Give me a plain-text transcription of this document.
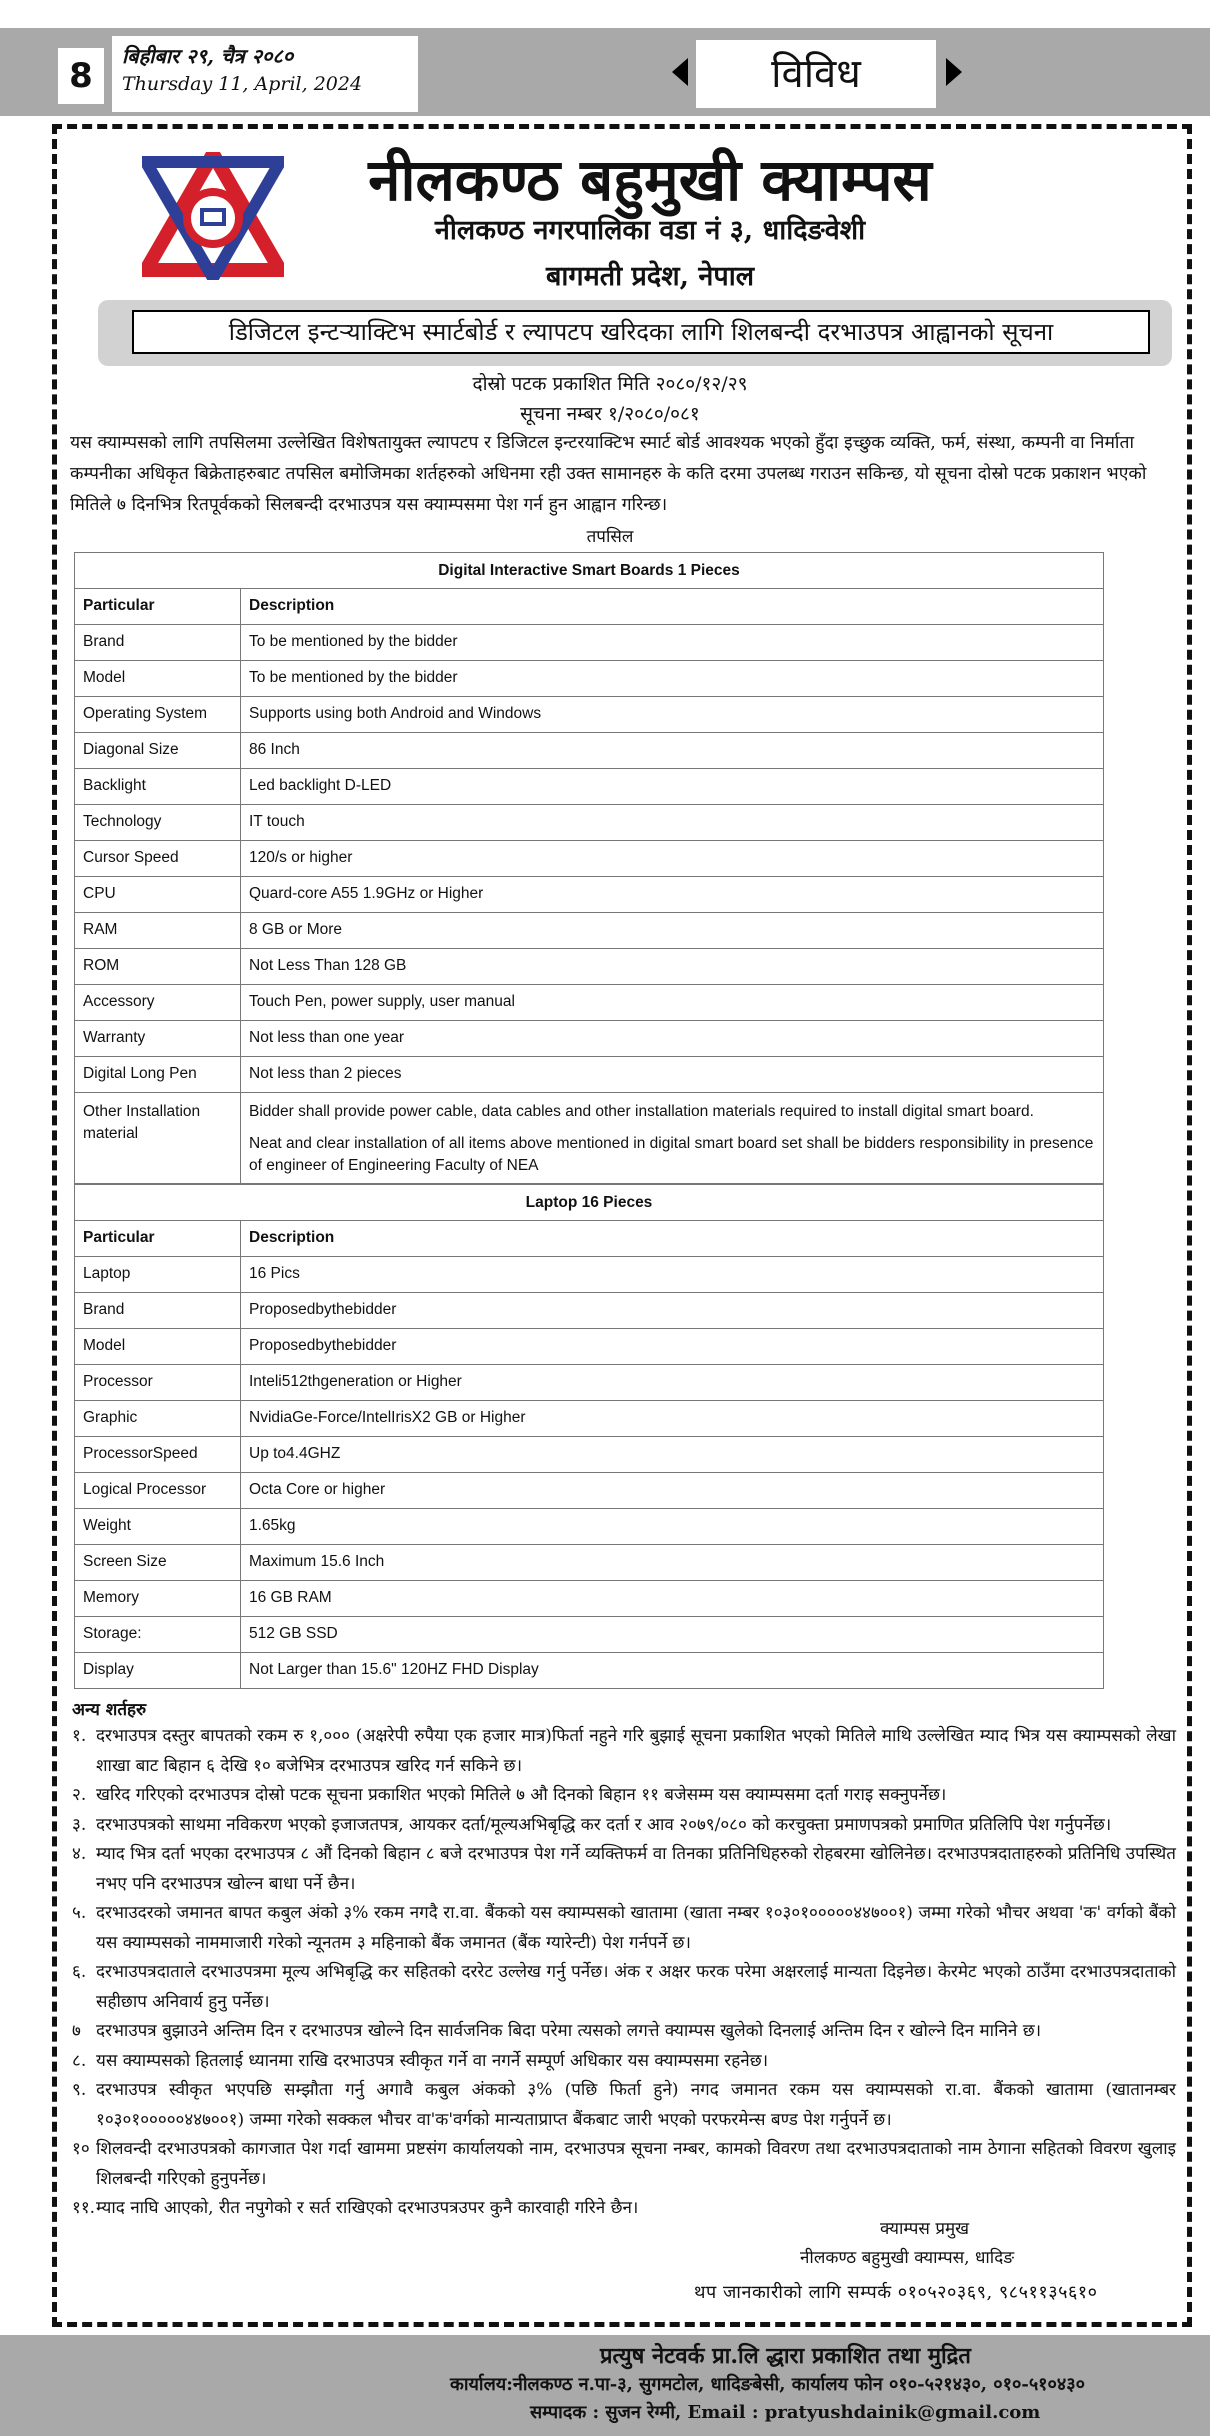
8	बिहीबार २९, चैत्र २०८०
Thursday 11, April, 2024	विविध
नीलकण्ठ बहुमुखी क्याम्पस
नीलकण्ठ नगरपालिका वडा नं ३, धादिङवेशी
बागमती प्रदेश, नेपाल
डिजिटल इन्टऱ्याक्टिभ स्मार्टबोर्ड र ल्यापटप खरिदका लागि शिलबन्दी दरभाउपत्र आह्वानको सूचना
दोस्रो पटक प्रकाशित मिति २०८०/१२/२९
सूचना नम्बर १/२०८०/०८१
यस क्याम्पसको लागि तपसिलमा उल्लेखित विशेषतायुक्त ल्यापटप र डिजिटल इन्टरयाक्टिभ स्मार्ट बोर्ड आवश्यक भएको हुँदा इच्छुक व्यक्ति, फर्म, संस्था, कम्पनी वा निर्माता कम्पनीका अधिकृत बिक्रेताहरुबाट तपसिल बमोजिमका शर्तहरुको अधिनमा रही उक्त सामानहरु के कति दरमा उपलब्ध गराउन सकिन्छ, यो सूचना दोस्रो पटक प्रकाशन भएको मितिले ७ दिनभित्र रितपूर्वकको सिलबन्दी दरभाउपत्र यस क्याम्पसमा पेश गर्न हुन आह्वान गरिन्छ।
तपसिल
Digital Interactive Smart Boards 1 Pieces	
Particular	Description
Brand	To be mentioned by the bidder
Model	To be mentioned by the bidder
Operating System	Supports using both Android and Windows
Diagonal Size	86 Inch
Backlight	Led backlight D-LED
Technology	IT touch
Cursor Speed	120/s or higher
CPU	Quard-core A55 1.9GHz or Higher
RAM	8 GB or More
ROM	Not Less Than 128 GB
Accessory	Touch Pen, power supply, user manual
Warranty	Not less than one year
Digital Long Pen	Not less than 2 pieces
Other Installation material	Bidder shall provide power cable, data cables and other installation materials required to install digital smart board.

Neat and clear installation of all items above mentioned in digital smart board set shall be bidders responsibility in presence of engineer of Engineering Faculty of NEA

Laptop 16 Pieces	
Particular	Description
Laptop	16 Pics
Brand	Proposedbythebidder
Model	Proposedbythebidder
Processor	Inteli512thgeneration or Higher
Graphic	NvidiaGe-Force/IntelIrisX2 GB or Higher
ProcessorSpeed	Up to4.4GHZ
Logical Processor	Octa Core or higher
Weight	1.65kg
Screen Size	Maximum 15.6 Inch
Memory	16 GB RAM
Storage:	512 GB SSD
Display	Not Larger than 15.6" 120HZ FHD Display
अन्य शर्तहरु
१. दरभाउपत्र दस्तुर बापतको रकम रु १,००० (अक्षरेपी रुपैया एक हजार मात्र)फिर्ता नहुने गरि बुझाई सूचना प्रकाशित भएको मितिले माथि उल्लेखित म्याद भित्र यस क्याम्पसको लेखा शाखा बाट बिहान ६ देखि १० बजेभित्र दरभाउपत्र खरिद गर्न सकिने छ।
२. खरिद गरिएको दरभाउपत्र दोस्रो पटक सूचना प्रकाशित भएको मितिले ७ औ दिनको बिहान ११ बजेसम्म यस क्याम्पसमा दर्ता गराइ सक्नुपर्नेछ।
३. दरभाउपत्रको साथमा नविकरण भएको इजाजतपत्र, आयकर दर्ता/मूल्यअभिबृद्धि कर दर्ता र आव २०७९/०८० को करचुक्ता प्रमाणपत्रको प्रमाणित प्रतिलिपि पेश गर्नुपर्नेछ।
४. म्याद भित्र दर्ता भएका दरभाउपत्र ८ औं दिनको बिहान ८ बजे दरभाउपत्र पेश गर्ने व्यक्तिफर्म वा तिनका प्रतिनिधिहरुको रोहबरमा खोलिनेछ। दरभाउपत्रदाताहरुको प्रतिनिधि उपस्थित नभए पनि दरभाउपत्र खोल्न बाधा पर्ने छैन।
५. दरभाउदरको जमानत बापत कबुल अंको ३% रकम नगदै रा.वा. बैंकको यस क्याम्पसको खातामा (खाता नम्बर १०३०१०००००४४७००१) जम्मा गरेको भौचर अथवा 'क' वर्गको बैंको यस क्याम्पसको नाममाजारी गरेको न्यूनतम ३ महिनाको बैंक जमानत (बैंक ग्यारेन्टी) पेश गर्नपर्ने छ।
६. दरभाउपत्रदाताले दरभाउपत्रमा मूल्य अभिबृद्धि कर सहितको दररेट उल्लेख गर्नु पर्नेछ। अंक र अक्षर फरक परेमा अक्षरलाई मान्यता दिइनेछ। केरमेट भएको ठाउँमा दरभाउपत्रदाताको सहीछाप अनिवार्य हुनु पर्नेछ।
७ दरभाउपत्र बुझाउने अन्तिम दिन र दरभाउपत्र खोल्ने दिन सार्वजनिक बिदा परेमा त्यसको लगत्ते क्याम्पस खुलेको दिनलाई अन्तिम दिन र खोल्ने दिन मानिने छ।
८. यस क्याम्पसको हितलाई ध्यानमा राखि दरभाउपत्र स्वीकृत गर्ने वा नगर्ने सम्पूर्ण अधिकार यस क्याम्पसमा रहनेछ।
९. दरभाउपत्र स्वीकृत भएपछि सम्झौता गर्नु अगावै कबुल अंकको ३% (पछि फिर्ता हुने) नगद जमानत रकम यस क्याम्पसको रा.वा. बैंकको खातामा (खातानम्बर १०३०१०००००४४७००१) जम्मा गरेको सक्कल भौचर वा'क'वर्गको मान्यताप्राप्त बैंकबाट जारी भएको परफरमेन्स बण्ड पेश गर्नुपर्ने छ।
१० शिलवन्दी दरभाउपत्रको कागजात पेश गर्दा खाममा प्रष्टसंग कार्यालयको नाम, दरभाउपत्र सूचना नम्बर, कामको विवरण तथा दरभाउपत्रदाताको नाम ठेगाना सहितको विवरण खुलाइ शिलबन्दी गरिएको हुनुपर्नेछ।
११. म्याद नाघि आएको, रीत नपुगेको र सर्त राखिएको दरभाउपत्रउपर कुनै कारवाही गरिने छैन।
क्याम्पस प्रमुख
नीलकण्ठ बहुमुखी क्याम्पस, धादिङ
थप जानकारीको लागि सम्पर्क ०१०५२०३६९, ९८५११३५६१०
प्रत्युष नेटवर्क प्रा.लि द्धारा प्रकाशित तथा मुद्रित
कार्यालय:नीलकण्ठ न.पा-३, सुगमटोल, धादिङबेसी, कार्यालय फोन ०१०-५२१४३०, ०१०-५१०४३०
सम्पादक : सुजन रेग्मी, Email : pratyushdainik@gmail.com
